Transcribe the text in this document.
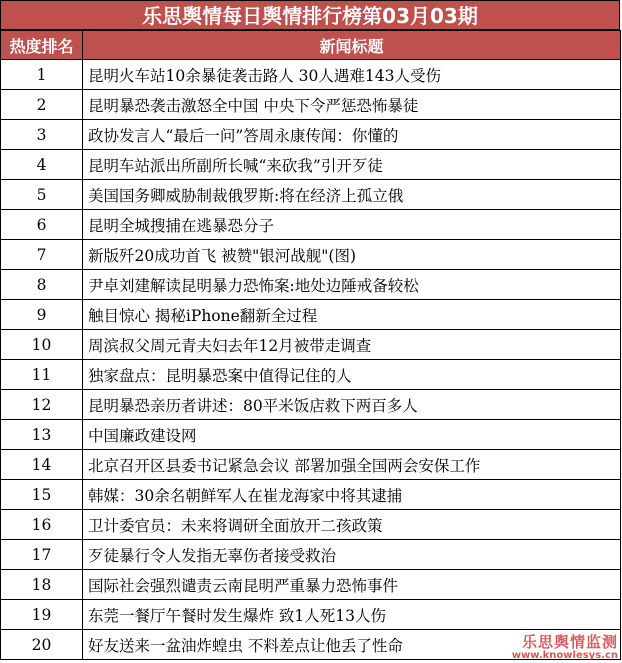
乐思舆情每日舆情排行榜第03月03期
热度排名	新闻标题
1	昆明火车站10余暴徒袭击路人 30人遇难143人受伤
2	昆明暴恐袭击激怒全中国 中央下令严惩恐怖暴徒
3	政协发言人“最后一问”答周永康传闻：你懂的
4	昆明车站派出所副所长喊“来砍我”引开歹徒
5	美国国务卿威胁制裁俄罗斯:将在经济上孤立俄
6	昆明全城搜捕在逃暴恐分子
7	新版歼20成功首飞 被赞"银河战舰"(图)
8	尹卓刘建解读昆明暴力恐怖案:地处边陲戒备较松
9	触目惊心 揭秘iPhone翻新全过程
10	周滨叔父周元青夫妇去年12月被带走调查
11	独家盘点：昆明暴恐案中值得记住的人
12	昆明暴恐亲历者讲述：80平米饭店救下两百多人
13	中国廉政建设网
14	北京召开区县委书记紧急会议 部署加强全国两会安保工作
15	韩媒：30余名朝鲜军人在崔龙海家中将其逮捕
16	卫计委官员：未来将调研全面放开二孩政策
17	歹徒暴行令人发指无辜伤者接受救治
18	国际社会强烈谴责云南昆明严重暴力恐怖事件
19	东莞一餐厅午餐时发生爆炸 致1人死13人伤
20	好友送来一盆油炸蝗虫 不料差点让他丢了性命	乐思舆情监测
www.knowlesys.cn
